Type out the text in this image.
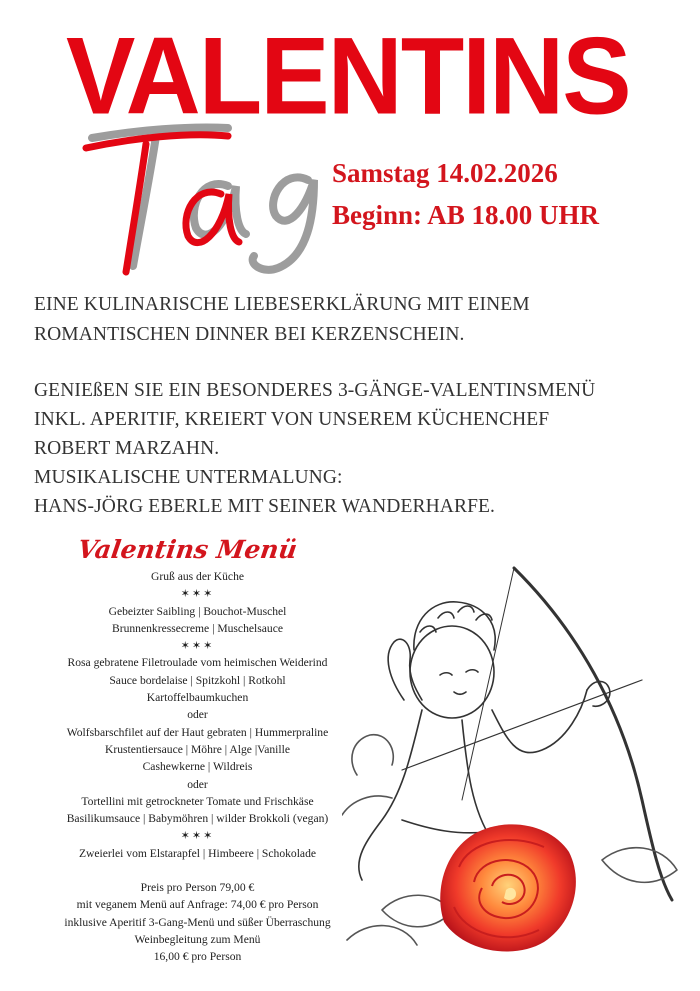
VALENTINS
Samstag 14.02.2026
Beginn: AB 18.00 UHR
EINE KULINARISCHE LIEBESERKLÄRUNG MIT EINEM
ROMANTISCHEN DINNER BEI KERZENSCHEIN.
GENIEßEN SIE EIN BESONDERES 3-GÄNGE-VALENTINSMENÜ
INKL. APERITIF, KREIERT VON UNSEREM KÜCHENCHEF
ROBERT MARZAHN.
MUSIKALISCHE UNTERMALUNG:
HANS-JÖRG EBERLE MIT SEINER WANDERHARFE.
Valentins Menü
Gruß aus der Küche
✶✶✶
Gebeizter Saibling | Bouchot-Muschel
Brunnenkressecreme | Muschelsauce
✶✶✶
Rosa gebratene Filetroulade vom heimischen Weiderind
Sauce bordelaise | Spitzkohl | Rotkohl
Kartoffelbaumkuchen
oder
Wolfsbarschfilet auf der Haut gebraten | Hummerpraline
Krustentiersauce | Möhre | Alge |Vanille
Cashewkerne | Wildreis
oder
Tortellini mit getrockneter Tomate und Frischkäse
Basilikumsauce | Babymöhren | wilder Brokkoli (vegan)
✶✶✶
Zweierlei vom Elstarapfel | Himbeere | Schokolade
Preis pro Person 79,00 €
mit veganem Menü auf Anfrage: 74,00 € pro Person
inklusive Aperitif 3-Gang-Menü und süßer Überraschung
Weinbegleitung zum Menü
16,00 € pro Person
